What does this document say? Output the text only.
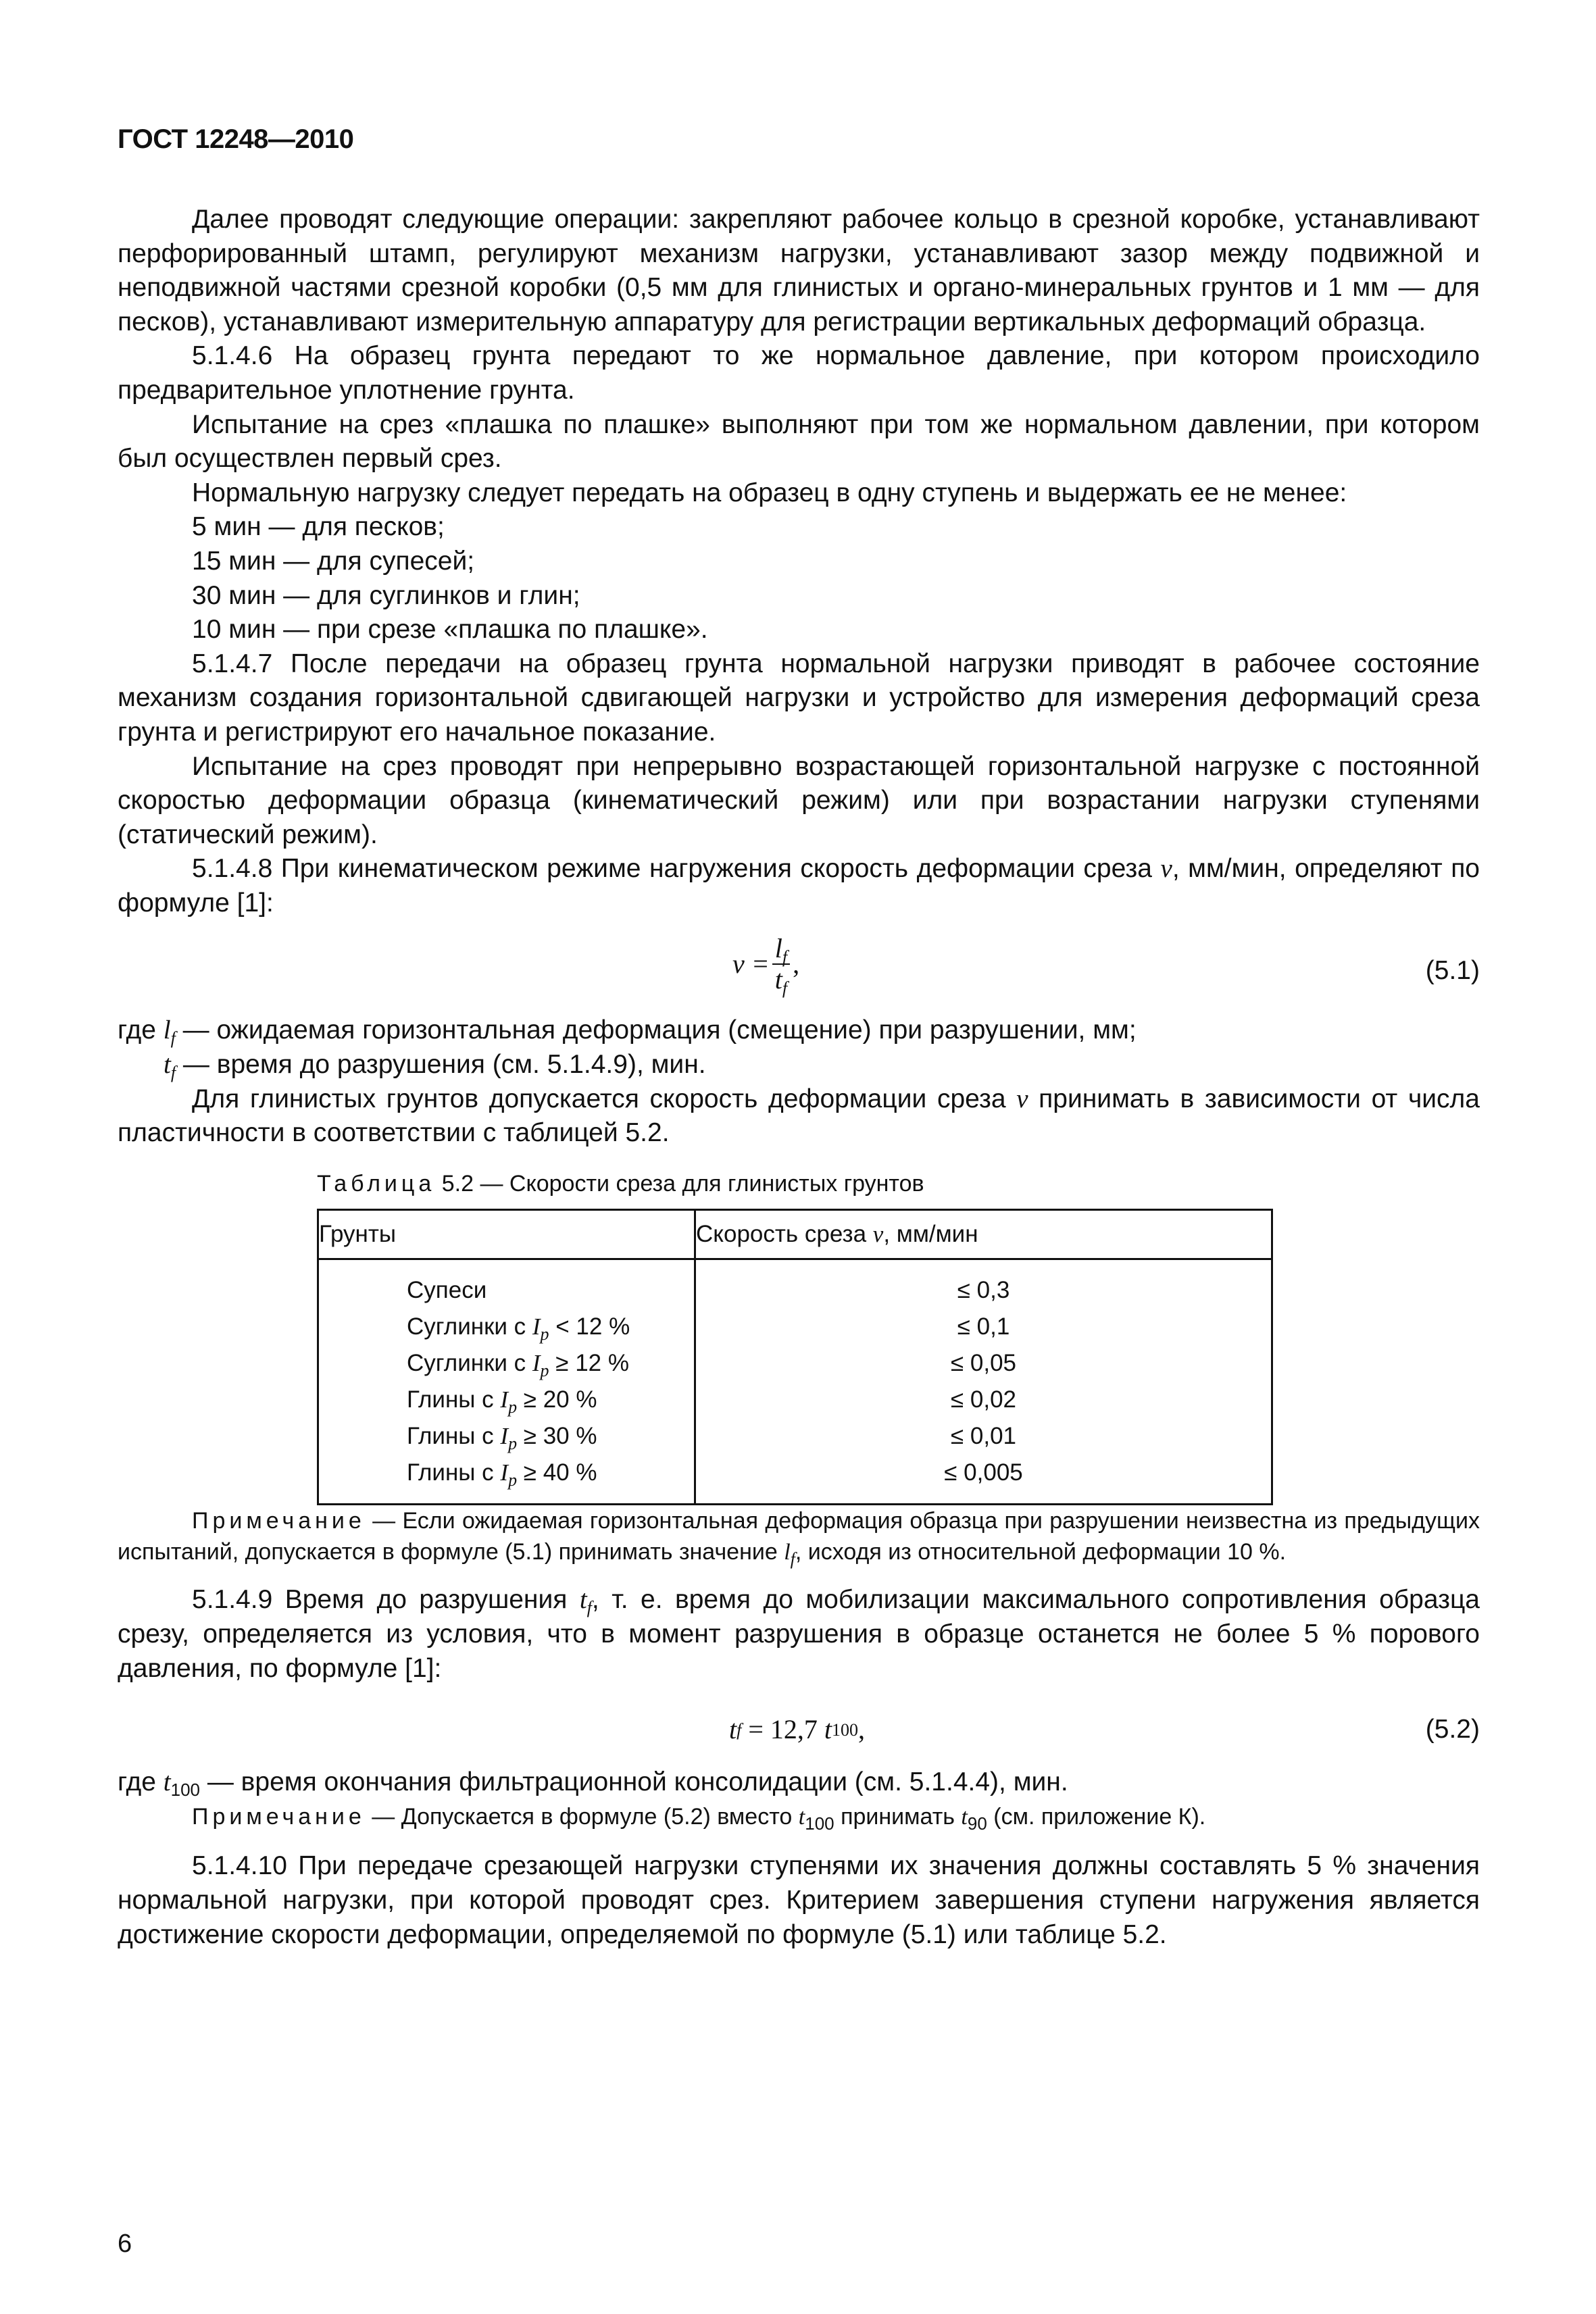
ГОСТ 12248—2010

Далее проводят следующие операции: закрепляют рабочее кольцо в срезной коробке, устанавливают перфорированный штамп, регулируют механизм нагрузки, устанавливают зазор между подвижной и неподвижной частями срезной коробки (0,5 мм для глинистых и органо-минеральных грунтов и 1 мм — для песков), устанавливают измерительную аппаратуру для регистрации вертикальных деформаций образца.

5.1.4.6 На образец грунта передают то же нормальное давление, при котором происходило предварительное уплотнение грунта.

Испытание на срез «плашка по плашке» выполняют при том же нормальном давлении, при котором был осуществлен первый срез.

Нормальную нагрузку следует передать на образец в одну ступень и выдержать ее не менее:

5 мин — для песков;

15 мин — для супесей;

30 мин — для суглинков и глин;

10 мин — при срезе «плашка по плашке».

5.1.4.7 После передачи на образец грунта нормальной нагрузки приводят в рабочее состояние механизм создания горизонтальной сдвигающей нагрузки и устройство для измерения деформаций среза грунта и регистрируют его начальное показание.

Испытание на срез проводят при непрерывно возрастающей горизонтальной нагрузке с постоянной скоростью деформации образца (кинематический режим) или при возрастании нагрузки ступенями (статический режим).

5.1.4.8 При кинематическом режиме нагружения скорость деформации среза v, мм/мин, определяют по формуле [1]:

$v = \frac{l_f}{t_f}$ ,	(5.1)

где $l_f$ — ожидаемая горизонтальная деформация (смещение) при разрушении, мм;

$t_f$ — время до разрушения (см. 5.1.4.9), мин.

Для глинистых грунтов допускается скорость деформации среза v принимать в зависимости от числа пластичности в соответствии с таблицей 5.2.

Таблица 5.2 — Скорости среза для глинистых грунтов
Грунты	Скорость среза v, мм/мин
Супеси	≤ 0,3
Суглинки с $I_p < 12$ %	≤ 0,1
Суглинки с $I_p \ge 12$ %	≤ 0,05
Глины с $I_p \ge 20$ %	≤ 0,02
Глины с $I_p \ge 30$ %	≤ 0,01
Глины с $I_p \ge 40$ %	≤ 0,005

Примечание — Если ожидаемая горизонтальная деформация образца при разрушении неизвестна из предыдущих испытаний, допускается в формуле (5.1) принимать значение $l_f$, исходя из относительной деформации 10 %.

5.1.4.9 Время до разрушения $t_f$, т. е. время до мобилизации максимального сопротивления образца срезу, определяется из условия, что в момент разрушения в образце останется не более 5 % порового давления, по формуле [1]:

t f = 12,7 t 100 ,	(5.2)

где $t_{100}$ — время окончания фильтрационной консолидации (см. 5.1.4.4), мин.

Примечание — Допускается в формуле (5.2) вместо $t_{100}$ принимать $t_{90}$ (см. приложение К).

5.1.4.10 При передаче срезающей нагрузки ступенями их значения должны составлять 5 % значения нормальной нагрузки, при которой проводят срез. Критерием завершения ступени нагружения является достижение скорости деформации, определяемой по формуле (5.1) или таблице 5.2.

6
